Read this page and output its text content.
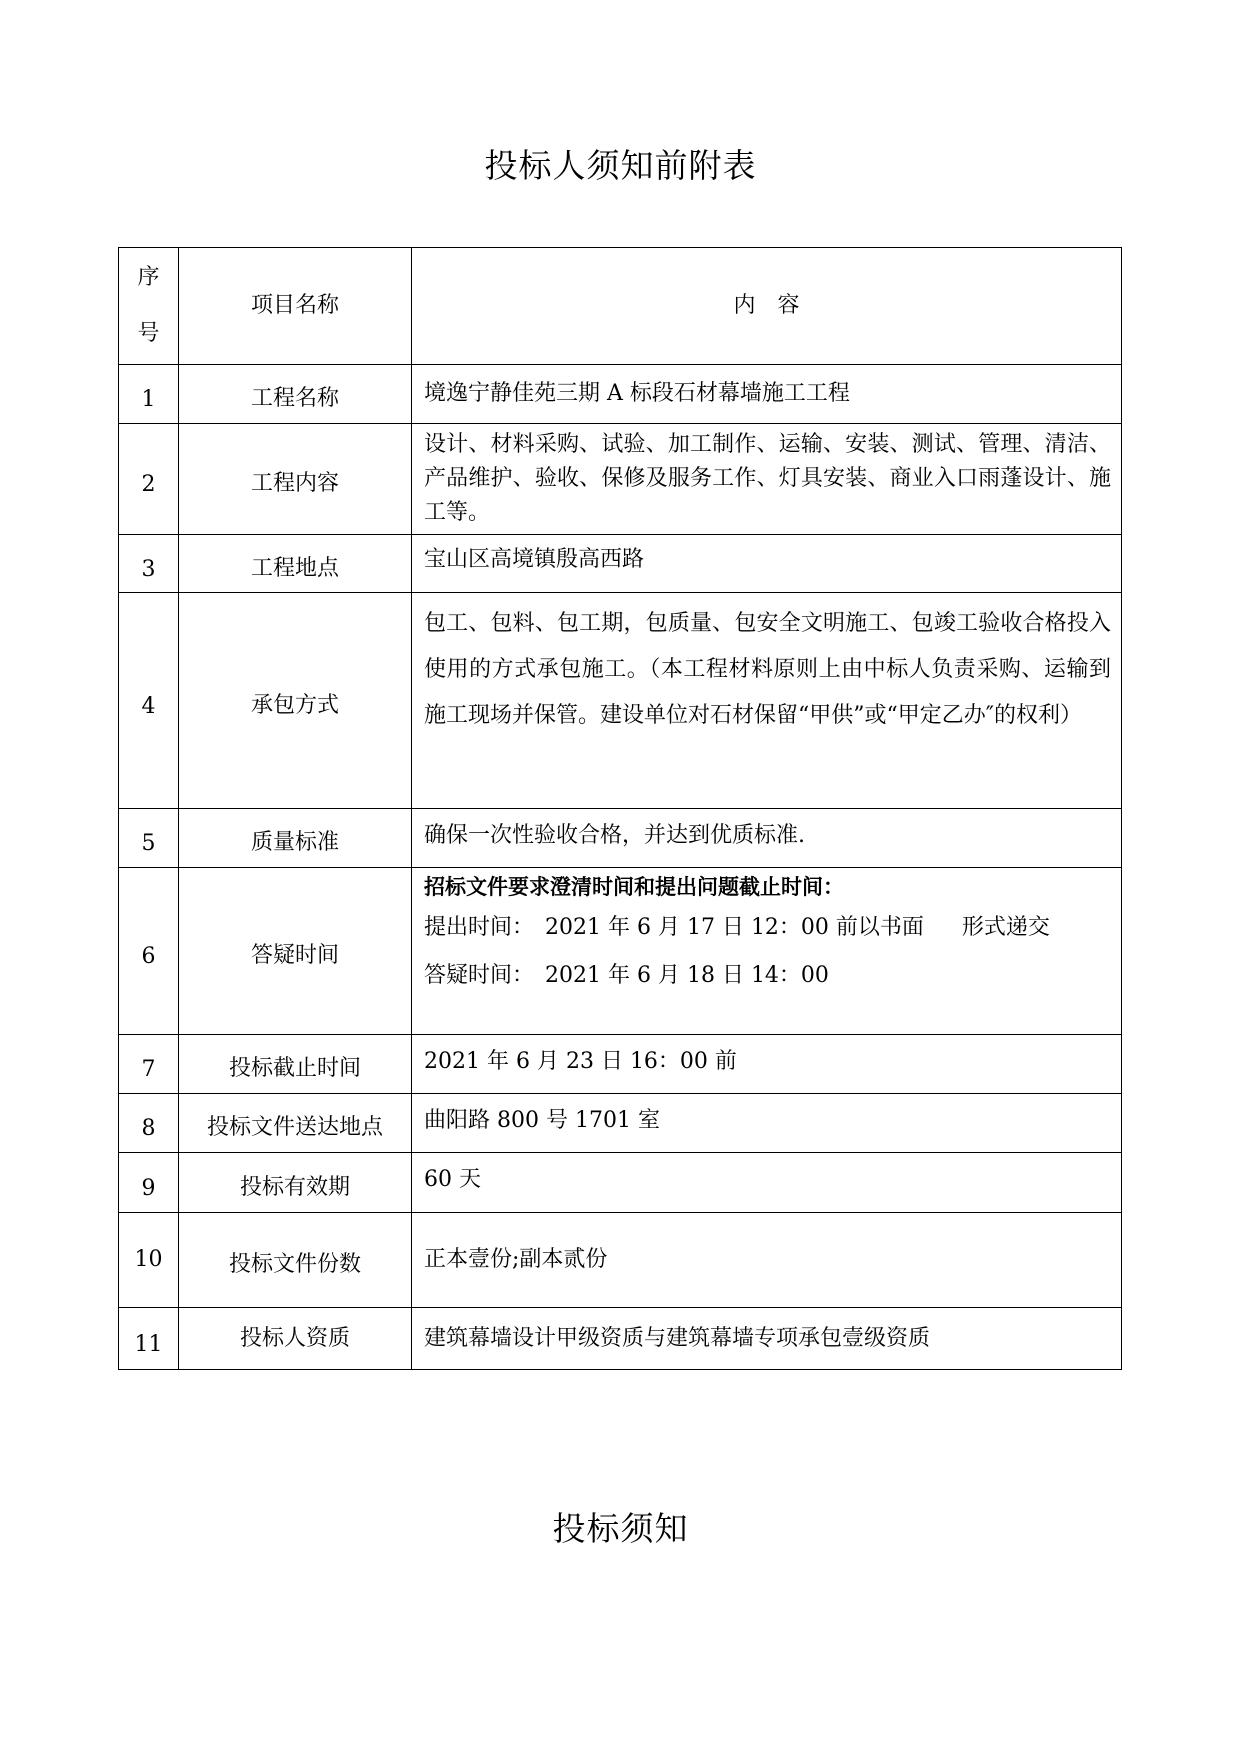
投标人须知前附表
序
号	项目名称	内　容
1	工程名称	境逸宁静佳苑三期 A 标段石材幕墙施工工程
2	工程内容	设计、材料采购、试验、加工制作、运输、安装、测试、管理、清洁、产品维护、验收、保修及服务工作、灯具安装、商业入口雨蓬设计、施工等。
3	工程地点	宝山区高境镇殷高西路
4	承包方式	包工、包料、包工期，包质量、包安全文明施工、包竣工验收合格投入使用的方式承包施工。（本工程材料原则上由中标人负责采购、运输到施工现场并保管。建设单位对石材保留“甲供”或“甲定乙办″的权利）
5	质量标准	确保一次性验收合格，并达到优质标准.
6	答疑时间	招标文件要求澄清时间和提出问题截止时间：
提出时间：　2021 年 6 月 17 日 12：00 前以书面 形式递交
答疑时间：　2021 年 6 月 18 日 14：00

7	投标截止时间	2021 年 6 月 23 日 16：00 前
8	投标文件送达地点	曲阳路 800 号 1701 室
9	投标有效期	60 天
10	投标文件份数	正本壹份;副本贰份
11	投标人资质	建筑幕墙设计甲级资质与建筑幕墙专项承包壹级资质
投标须知
